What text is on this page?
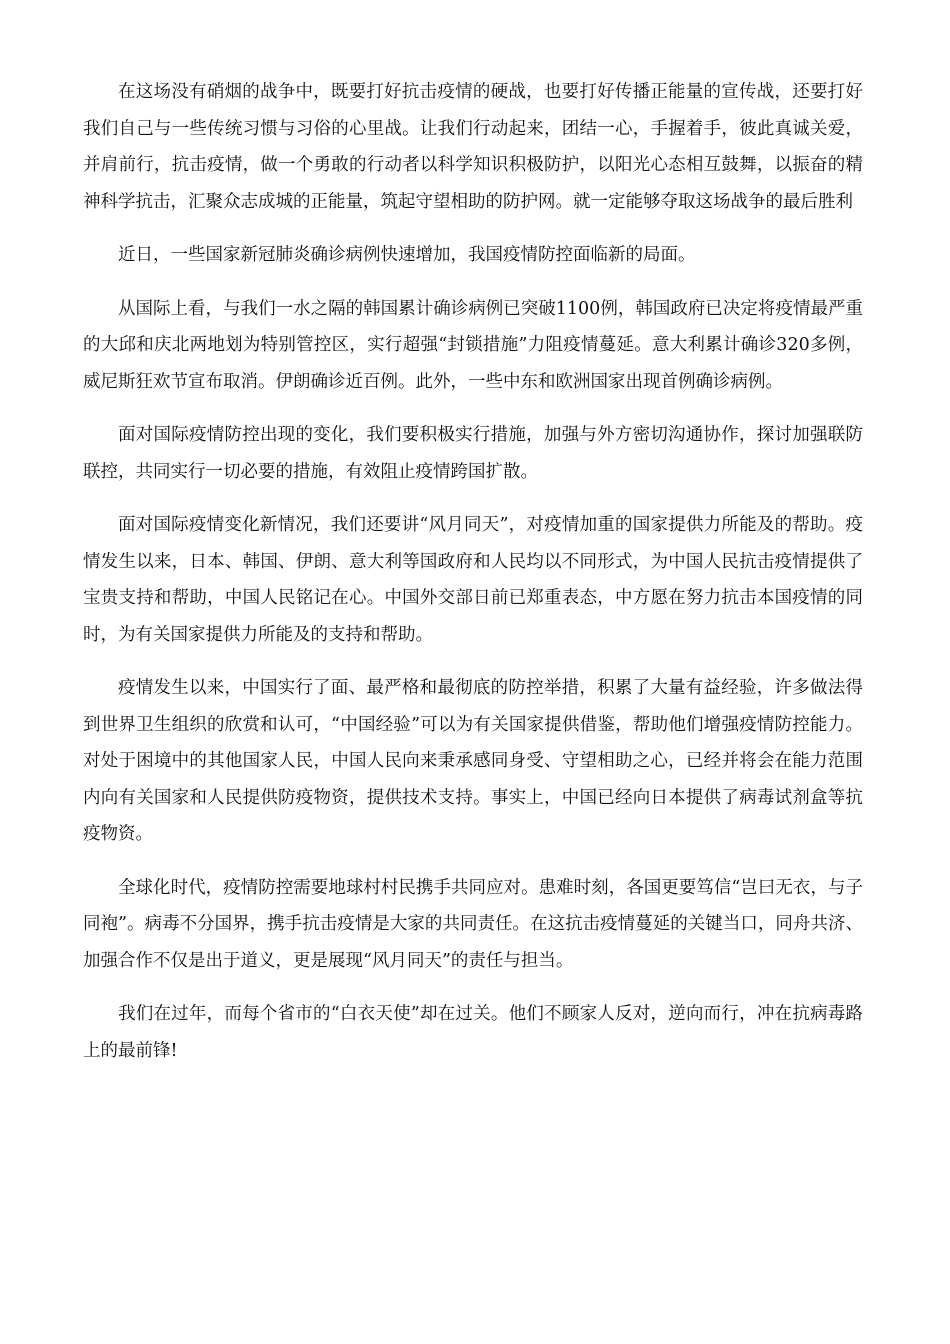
在这场没有硝烟的战争中，既要打好抗击疫情的硬战，也要打好传播正能量的宣传战，还要打好我们自己与一些传统习惯与习俗的心里战。让我们行动起来，团结一心，手握着手，彼此真诚关爱，并肩前行，抗击疫情，做一个勇敢的行动者以科学知识积极防护，以阳光心态相互鼓舞，以振奋的精神科学抗击，汇聚众志成城的正能量，筑起守望相助的防护网。就一定能够夺取这场战争的最后胜利

近日，一些国家新冠肺炎确诊病例快速增加，我国疫情防控面临新的局面。

从国际上看，与我们一水之隔的韩国累计确诊病例已突破1100例，韩国政府已决定将疫情最严重的大邱和庆北两地划为特别管控区，实行超强“封锁措施”力阻疫情蔓延。意大利累计确诊320多例，威尼斯狂欢节宣布取消。伊朗确诊近百例。此外，一些中东和欧洲国家出现首例确诊病例。

面对国际疫情防控出现的变化，我们要积极实行措施，加强与外方密切沟通协作，探讨加强联防联控，共同实行一切必要的措施，有效阻止疫情跨国扩散。

面对国际疫情变化新情况，我们还要讲“风月同天”，对疫情加重的国家提供力所能及的帮助。疫情发生以来，日本、韩国、伊朗、意大利等国政府和人民均以不同形式，为中国人民抗击疫情提供了宝贵支持和帮助，中国人民铭记在心。中国外交部日前已郑重表态，中方愿在努力抗击本国疫情的同时，为有关国家提供力所能及的支持和帮助。

疫情发生以来，中国实行了面、最严格和最彻底的防控举措，积累了大量有益经验，许多做法得到世界卫生组织的欣赏和认可，“中国经验”可以为有关国家提供借鉴，帮助他们增强疫情防控能力。对处于困境中的其他国家人民，中国人民向来秉承感同身受、守望相助之心，已经并将会在能力范围内向有关国家和人民提供防疫物资，提供技术支持。事实上，中国已经向日本提供了病毒试剂盒等抗疫物资。

全球化时代，疫情防控需要地球村村民携手共同应对。患难时刻，各国更要笃信“岂曰无衣，与子同袍”。病毒不分国界，携手抗击疫情是大家的共同责任。在这抗击疫情蔓延的关键当口，同舟共济、加强合作不仅是出于道义，更是展现“风月同天”的责任与担当。

我们在过年，而每个省市的“白衣天使”却在过关。他们不顾家人反对，逆向而行，冲在抗病毒路上的最前锋!
